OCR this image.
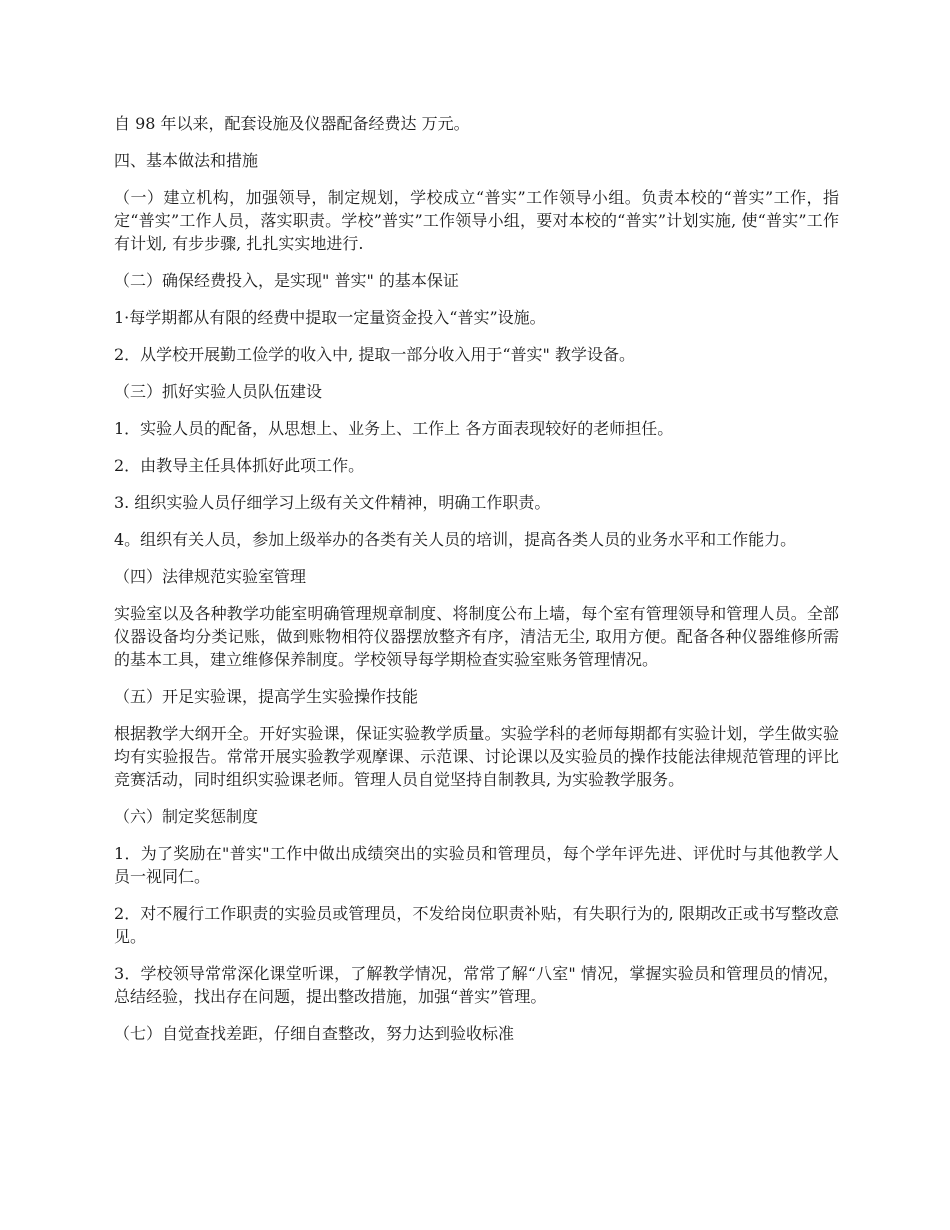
自 98 年以来，配套设施及仪器配备经费达 万元。

四、基本做法和措施

（一）建立机构，加强领导，制定规划，学校成立“普实”工作领导小组。负责本校的“普实”工作，指定“普实”工作人员，落实职责。学校”普实”工作领导小组，要对本校的“普实”计划实施, 使“普实”工作有计划, 有步步骤, 扎扎实实地进行.

（二）确保经费投入，是实现" 普实" 的基本保证

1·每学期都从有限的经费中提取一定量资金投入“普实”设施。

2．从学校开展勤工俭学的收入中, 提取一部分收入用于“普实" 教学设备。

（三）抓好实验人员队伍建设

1．实验人员的配备，从思想上、业务上、工作上 各方面表现较好的老师担任。

2．由教导主任具体抓好此项工作。

3. 组织实验人员仔细学习上级有关文件精神，明确工作职责。

4。组织有关人员，参加上级举办的各类有关人员的培训，提高各类人员的业务水平和工作能力。

（四）法律规范实验室管理

实验室以及各种教学功能室明确管理规章制度、将制度公布上墙，每个室有管理领导和管理人员。全部仪器设备均分类记账，做到账物相符仪器摆放整齐有序，清洁无尘, 取用方便。配备各种仪器维修所需的基本工具，建立维修保养制度。学校领导每学期检查实验室账务管理情况。

（五）开足实验课，提高学生实验操作技能

根据教学大纲开全。开好实验课，保证实验教学质量。实验学科的老师每期都有实验计划，学生做实验均有实验报告。常常开展实验教学观摩课、示范课、讨论课以及实验员的操作技能法律规范管理的评比竞赛活动，同时组织实验课老师。管理人员自觉坚持自制教具, 为实验教学服务。

（六）制定奖惩制度

1．为了奖励在"普实"工作中做出成绩突出的实验员和管理员，每个学年评先进、评优时与其他教学人员一视同仁。

2．对不履行工作职责的实验员或管理员，不发给岗位职责补贴，有失职行为的, 限期改正或书写整改意见。

3．学校领导常常深化课堂听课，了解教学情况，常常了解“八室" 情况，掌握实验员和管理员的情况，总结经验，找出存在问题，提出整改措施，加强“普实”管理。

（七）自觉查找差距，仔细自查整改，努力达到验收标准
